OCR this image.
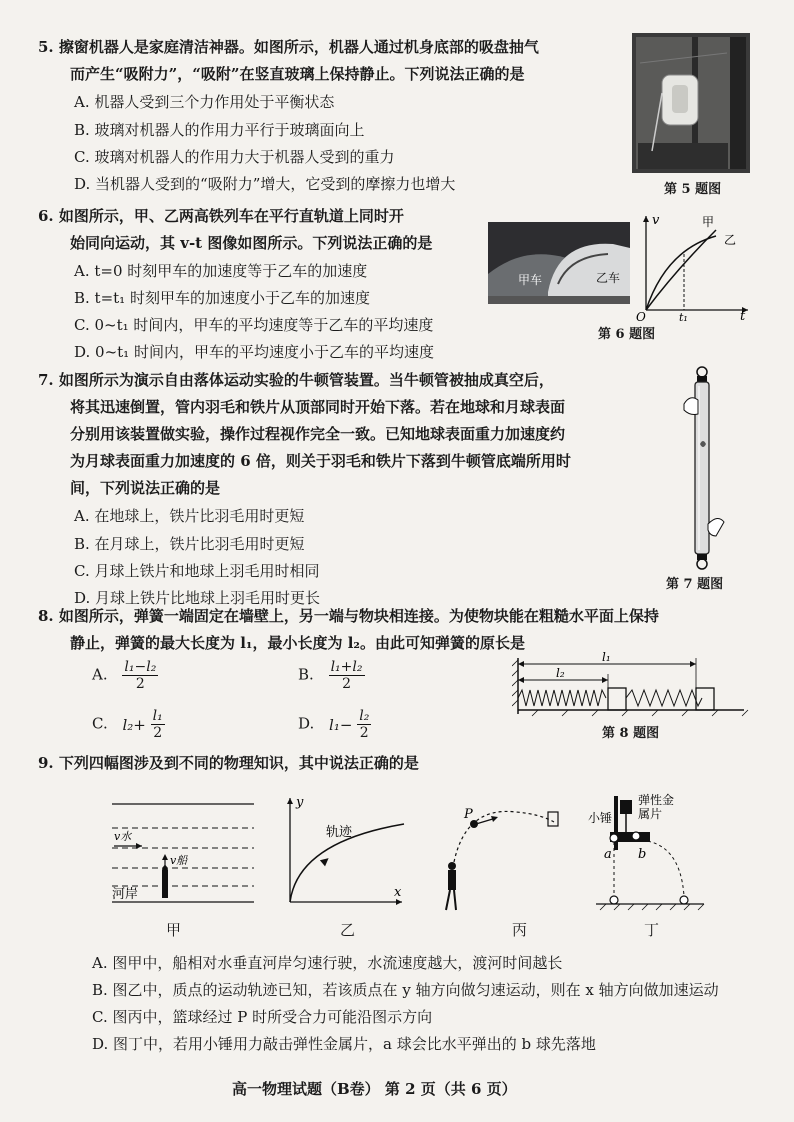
5. 擦窗机器人是家庭清洁神器。如图所示，机器人通过机身底部的吸盘抽气
而产生“吸附力”，“吸附”在竖直玻璃上保持静止。下列说法正确的是
A. 机器人受到三个力作用处于平衡状态
B. 玻璃对机器人的作用力平行于玻璃面向上
C. 玻璃对机器人的作用力大于机器人受到的重力
D. 当机器人受到的“吸附力”增大，它受到的摩擦力也增大	第 5 题图
6. 如图所示，甲、乙两高铁列车在平行直轨道上同时开
始同向运动，其 v-t 图像如图所示。下列说法正确的是
A. t=0 时刻甲车的加速度等于乙车的加速度
B. t=t₁ 时刻甲车的加速度小于乙车的加速度
C. 0~t₁ 时间内，甲车的平均速度等于乙车的平均速度
D. 0~t₁ 时间内，甲车的平均速度小于乙车的平均速度
甲车	乙车
v
t
O	t₁
甲
乙
第 6 题图
7. 如图所示为演示自由落体运动实验的牛顿管装置。当牛顿管被抽成真空后，
将其迅速倒置，管内羽毛和铁片从顶部同时开始下落。若在地球和月球表面
分别用该装置做实验，操作过程视作完全一致。已知地球表面重力加速度约
为月球表面重力加速度的 6 倍，则关于羽毛和铁片下落到牛顿管底端所用时
间，下列说法正确的是
A. 在地球上，铁片比羽毛用时更短
B. 在月球上，铁片比羽毛用时更短
C. 月球上铁片和地球上羽毛用时相同
D. 月球上铁片比地球上羽毛用时更长
第 7 题图
8. 如图所示，弹簧一端固定在墙壁上，另一端与物块相连接。为使物块能在粗糙水平面上保持
静止，弹簧的最大长度为 l₁，最小长度为 l₂。由此可知弹簧的原长是
A. $\frac{\text{l₁−l₂}}{2}$	B. $\frac{\text{l₁+l₂}}{2}$
C. $l_2+ \frac{\text{l₁}}{2}$	D. $l_1- \frac{\text{l₂}}{2}$
l₁
l₂
第 8 题图
9. 下列四幅图涉及到不同的物理知识，其中说法正确的是
v水
v船
河岸
甲
y
x
轨迹
乙
P
丙
小锤
弹性金
属片
a b
丁
A. 图甲中，船相对水垂直河岸匀速行驶，水流速度越大，渡河时间越长
B. 图乙中，质点的运动轨迹已知，若该质点在 y 轴方向做匀速运动，则在 x 轴方向做加速运动
C. 图丙中，篮球经过 P 时所受合力可能沿图示方向
D. 图丁中，若用小锤用力敲击弹性金属片，a 球会比水平弹出的 b 球先落地
高一物理试题（B卷） 第 2 页（共 6 页）
